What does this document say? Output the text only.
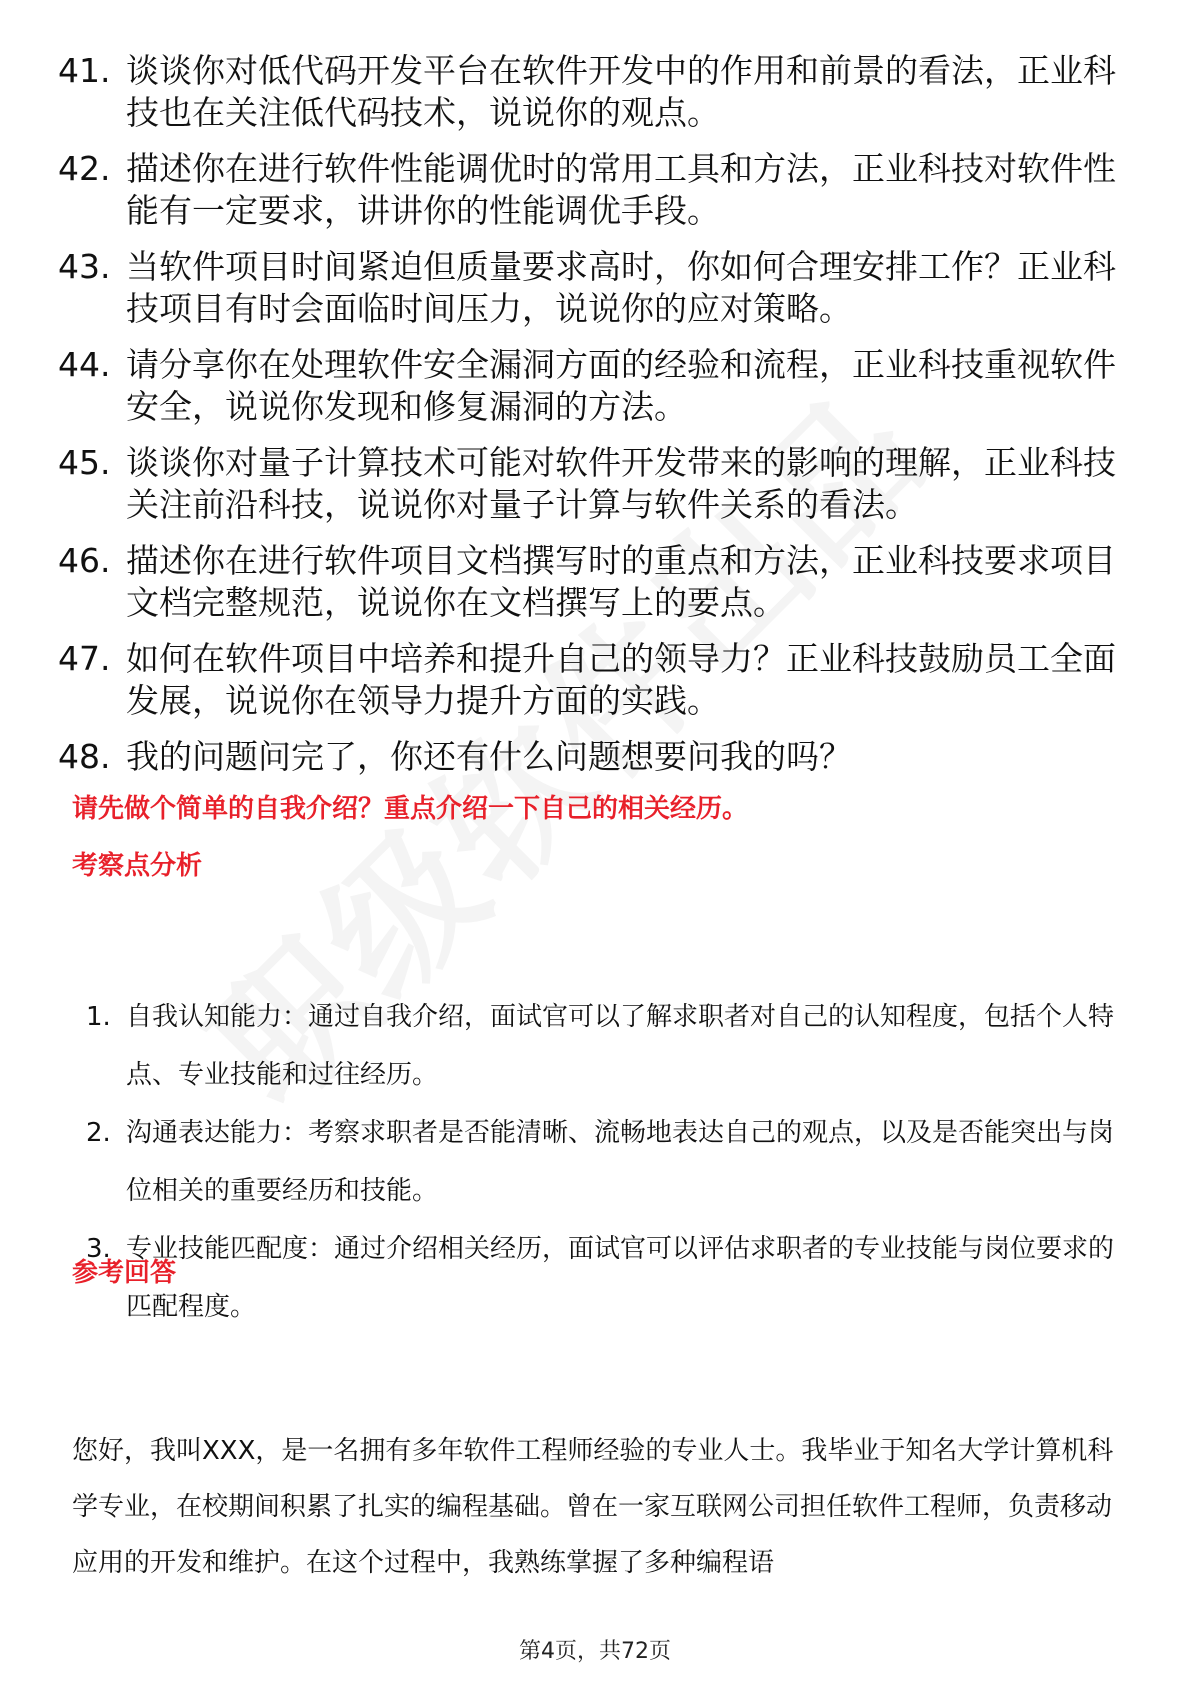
41. 谈谈你对低代码开发平台在软件开发中的作用和前景的看法，正业科技也在关注低代码技术，说说你的观点。
42. 描述你在进行软件性能调优时的常用工具和方法，正业科技对软件性能有一定要求，讲讲你的性能调优手段。
43. 当软件项目时间紧迫但质量要求高时，你如何合理安排工作？正业科技项目有时会面临时间压力，说说你的应对策略。
44. 请分享你在处理软件安全漏洞方面的经验和流程，正业科技重视软件安全，说说你发现和修复漏洞的方法。
45. 谈谈你对量子计算技术可能对软件开发带来的影响的理解，正业科技关注前沿科技，说说你对量子计算与软件关系的看法。
46. 描述你在进行软件项目文档撰写时的重点和方法，正业科技要求项目文档完整规范，说说你在文档撰写上的要点。
47. 如何在软件项目中培养和提升自己的领导力？正业科技鼓励员工全面发展，说说你在领导力提升方面的实践。
48. 我的问题问完了，你还有什么问题想要问我的吗？
请先做个简单的自我介绍？重点介绍一下自己的相关经历。
考察点分析
1. 自我认知能力：通过自我介绍，面试官可以了解求职者对自己的认知程度，包括个人特点、专业技能和过往经历。
2. 沟通表达能力：考察求职者是否能清晰、流畅地表达自己的观点，以及是否能突出与岗位相关的重要经历和技能。
3. 专业技能匹配度：通过介绍相关经历，面试官可以评估求职者的专业技能与岗位要求的匹配程度。
参考回答
您好，我叫XXX，是一名拥有多年软件工程师经验的专业人士。我毕业于知名大学计算机科学专业，在校期间积累了扎实的编程基础。曾在一家互联网公司担任软件工程师，负责移动应用的开发和维护。在这个过程中，我熟练掌握了多种编程语
第4页，共72页
